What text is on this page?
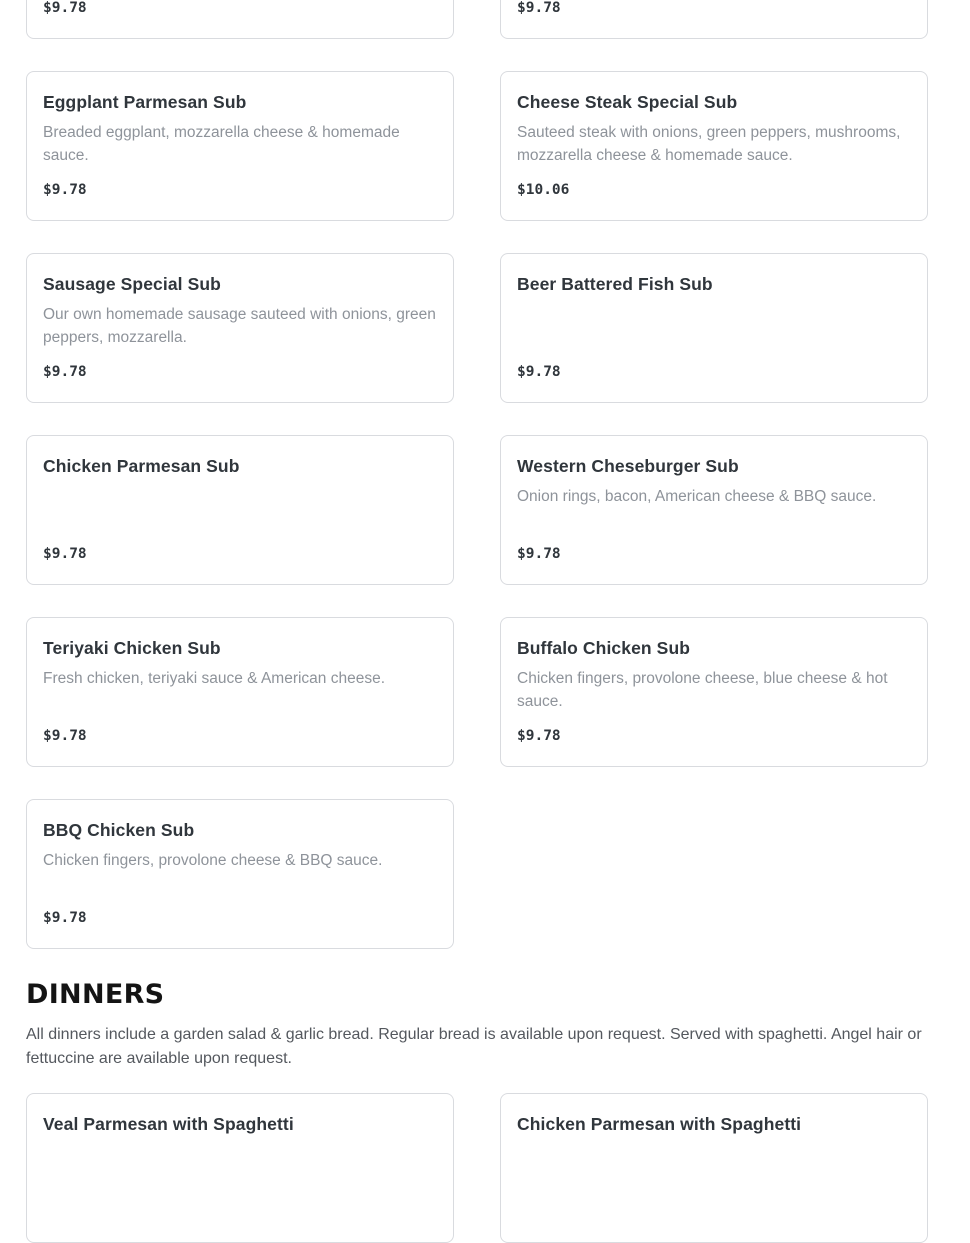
$9.78	$9.78
Eggplant Parmesan Sub

Breaded eggplant, mozzarella cheese & homemade sauce.

$9.78
Cheese Steak Special Sub

Sauteed steak with onions, green peppers, mushrooms, mozzarella cheese & homemade sauce.

$10.06
Sausage Special Sub

Our own homemade sausage sauteed with onions, green peppers, mozzarella.

$9.78
Beer Battered Fish Sub
$9.78
Chicken Parmesan Sub
$9.78
Western Cheseburger Sub

Onion rings, bacon, American cheese & BBQ sauce.

$9.78
Teriyaki Chicken Sub

Fresh chicken, teriyaki sauce & American cheese.

$9.78
Buffalo Chicken Sub

Chicken fingers, provolone cheese, blue cheese & hot sauce.

$9.78
BBQ Chicken Sub

Chicken fingers, provolone cheese & BBQ sauce.

$9.78
DINNERS

All dinners include a garden salad & garlic bread. Regular bread is available upon request. Served with spaghetti. Angel hair or fettuccine are available upon request.

Veal Parmesan with Spaghetti	Chicken Parmesan with Spaghetti
